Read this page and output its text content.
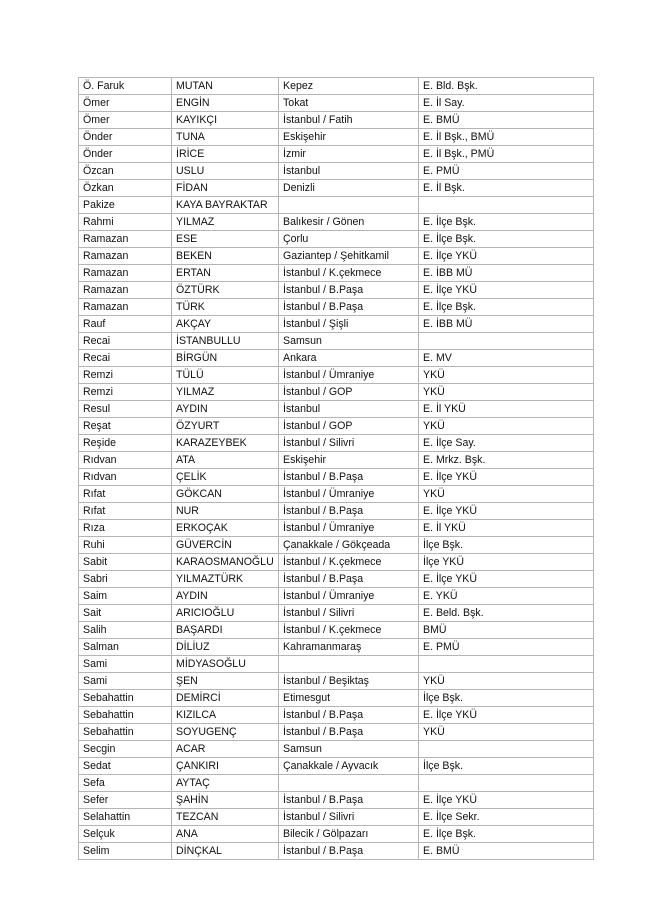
Ö. Faruk	MUTAN	Kepez	E. Bld. Bşk.
Ömer	ENGİN	Tokat	E. İl Say.
Ömer	KAYIKÇI	İstanbul / Fatih	E. BMÜ
Önder	TUNA	Eskişehir	E. İl Bşk., BMÜ
Önder	İRİCE	İzmir	E. İl Bşk., PMÜ
Özcan	USLU	İstanbul	E. PMÜ
Özkan	FİDAN	Denizli	E. İl Bşk.
Pakize	KAYA BAYRAKTAR		
Rahmi	YILMAZ	Balıkesir / Gönen	E. İlçe Bşk.
Ramazan	ESE	Çorlu	E. İlçe Bşk.
Ramazan	BEKEN	Gaziantep / Şehitkamil	E. İlçe YKÜ
Ramazan	ERTAN	İstanbul / K.çekmece	E. İBB MÜ
Ramazan	ÖZTÜRK	İstanbul / B.Paşa	E. İlçe YKÜ
Ramazan	TÜRK	İstanbul / B.Paşa	E. İlçe Bşk.
Rauf	AKÇAY	İstanbul / Şişli	E. İBB MÜ
Recai	İSTANBULLU	Samsun	
Recai	BİRGÜN	Ankara	E. MV
Remzi	TÜLÜ	İstanbul / Ümraniye	YKÜ
Remzi	YILMAZ	İstanbul / GOP	YKÜ
Resul	AYDIN	İstanbul	E. İl YKÜ
Reşat	ÖZYURT	İstanbul / GOP	YKÜ
Reşide	KARAZEYBEK	İstanbul / Silivri	E. İlçe Say.
Rıdvan	ATA	Eskişehir	E. Mrkz. Bşk.
Rıdvan	ÇELİK	İstanbul / B.Paşa	E. İlçe YKÜ
Rıfat	GÖKCAN	İstanbul / Ümraniye	YKÜ
Rıfat	NUR	İstanbul / B.Paşa	E. İlçe YKÜ
Rıza	ERKOÇAK	İstanbul / Ümraniye	E. İl YKÜ
Ruhi	GÜVERCİN	Çanakkale / Gökçeada	İlçe Bşk.
Sabit	KARAOSMANOĞLU	İstanbul / K.çekmece	İlçe YKÜ
Sabri	YILMAZTÜRK	İstanbul / B.Paşa	E. İlçe YKÜ
Saim	AYDIN	İstanbul / Ümraniye	E. YKÜ
Sait	ARICIOĞLU	İstanbul / Silivri	E. Beld. Bşk.
Salih	BAŞARDI	İstanbul / K.çekmece	BMÜ
Salman	DİLİUZ	Kahramanmaraş	E. PMÜ
Sami	MİDYASOĞLU		
Sami	ŞEN	İstanbul / Beşiktaş	YKÜ
Sebahattin	DEMİRCİ	Etimesgut	İlçe Bşk.
Sebahattin	KIZILCA	İstanbul / B.Paşa	E. İlçe YKÜ
Sebahattin	SOYUGENÇ	İstanbul / B.Paşa	YKÜ
Secgin	ACAR	Samsun	
Sedat	ÇANKIRI	Çanakkale / Ayvacık	İlçe Bşk.
Sefa	AYTAÇ		
Sefer	ŞAHİN	İstanbul / B.Paşa	E. İlçe YKÜ
Selahattin	TEZCAN	İstanbul / Silivri	E. İlçe Sekr.
Selçuk	ANA	Bilecik / Gölpazarı	E. İlçe Bşk.
Selim	DİNÇKAL	İstanbul / B.Paşa	E. BMÜ
